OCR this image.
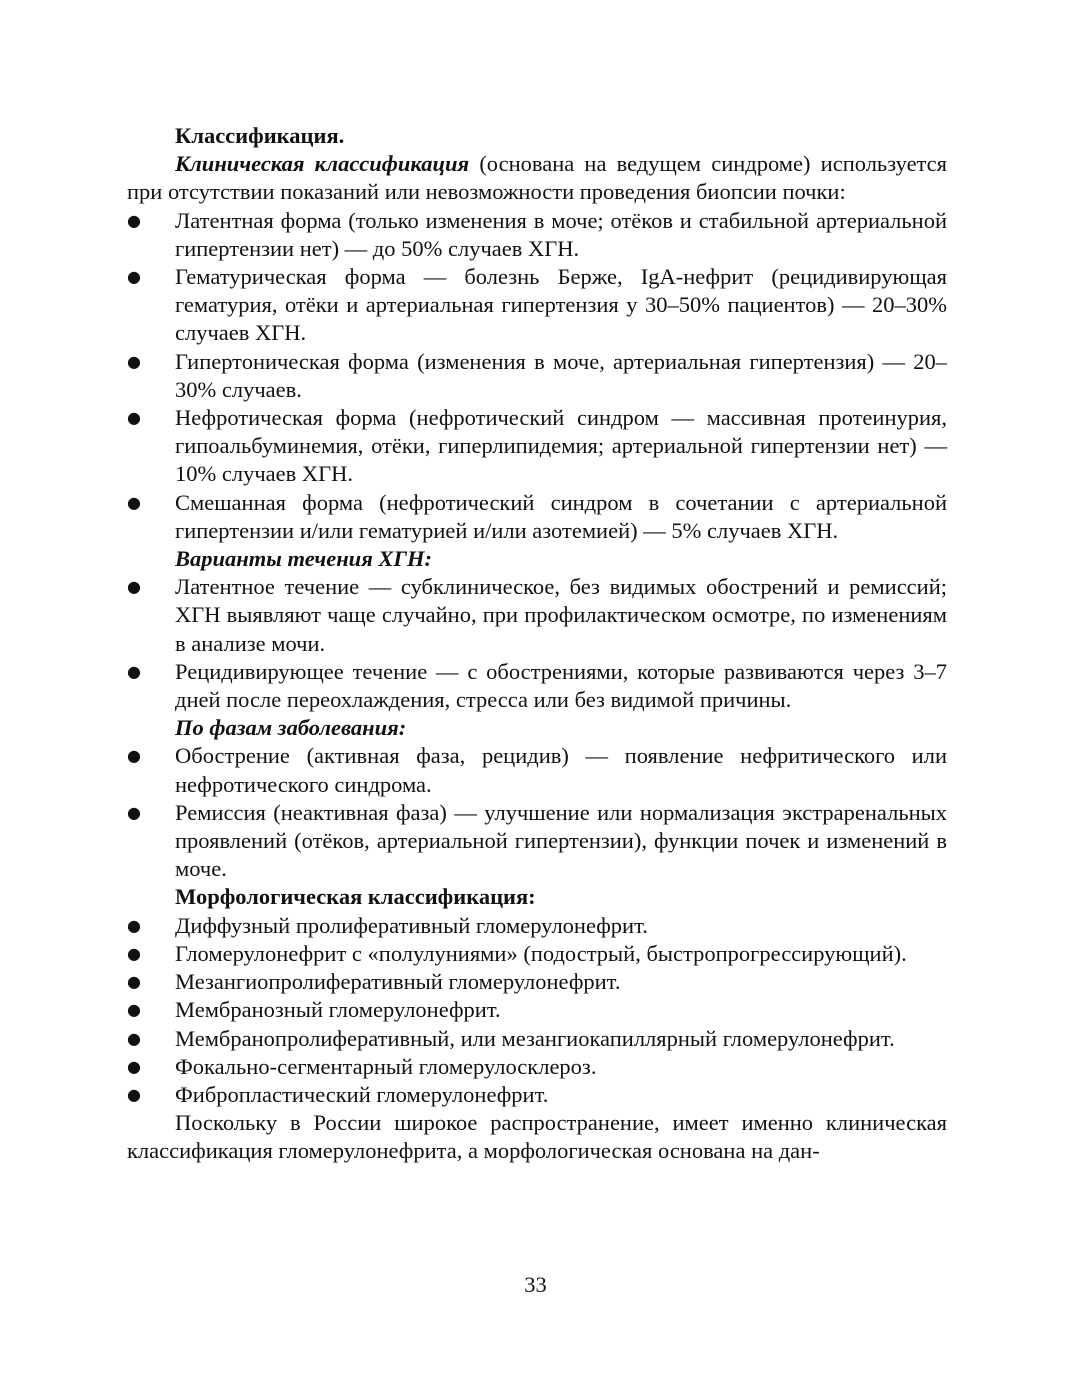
Классификация.

Клиническая классификация (основана на ведущем синдроме) используется при отсутствии показаний или невозможности проведения биопсии почки:

● Латентная форма (только изменения в моче; отёков и стабильной артериальной гипертензии нет) — до 50% случаев ХГН.
● Гематурическая форма — болезнь Берже, IgA-нефрит (рецидивирующая гематурия, отёки и артериальная гипертензия у 30–50% пациентов) — 20–30% случаев ХГН.
● Гипертоническая форма (изменения в моче, артериальная гипертензия) — 20–30% случаев.
● Нефротическая форма (нефротический синдром — массивная протеинурия, гипоальбуминемия, отёки, гиперлипидемия; артериальной гипертензии нет) — 10% случаев ХГН.
● Смешанная форма (нефротический синдром в сочетании с артериальной гипертензии и/или гематурией и/или азотемией) — 5% случаев ХГН.

Варианты течения ХГН:

● Латентное течение — субклиническое, без видимых обострений и ремиссий; ХГН выявляют чаще случайно, при профилактическом осмотре, по изменениям в анализе мочи.
● Рецидивирующее течение — с обострениями, которые развиваются через 3–7 дней после переохлаждения, стресса или без видимой причины.

По фазам заболевания:

● Обострение (активная фаза, рецидив) — появление нефритического или нефротического синдрома.
● Ремиссия (неактивная фаза) — улучшение или нормализация экстраренальных проявлений (отёков, артериальной гипертензии), функции почек и изменений в моче.

Морфологическая классификация:

● Диффузный пролиферативный гломерулонефрит.
● Гломерулонефрит с «полулуниями» (подострый, быстропрогрессирующий).
● Мезангиопролиферативный гломерулонефрит.
● Мембранозный гломерулонефрит.
● Мембранопролиферативный, или мезангиокапиллярный гломерулонефрит.
● Фокально-сегментарный гломерулосклероз.
● Фибропластический гломерулонефрит.

Поскольку в России широкое распространение, имеет именно клиническая классификация гломерулонефрита, а морфологическая основана на дан-

33
